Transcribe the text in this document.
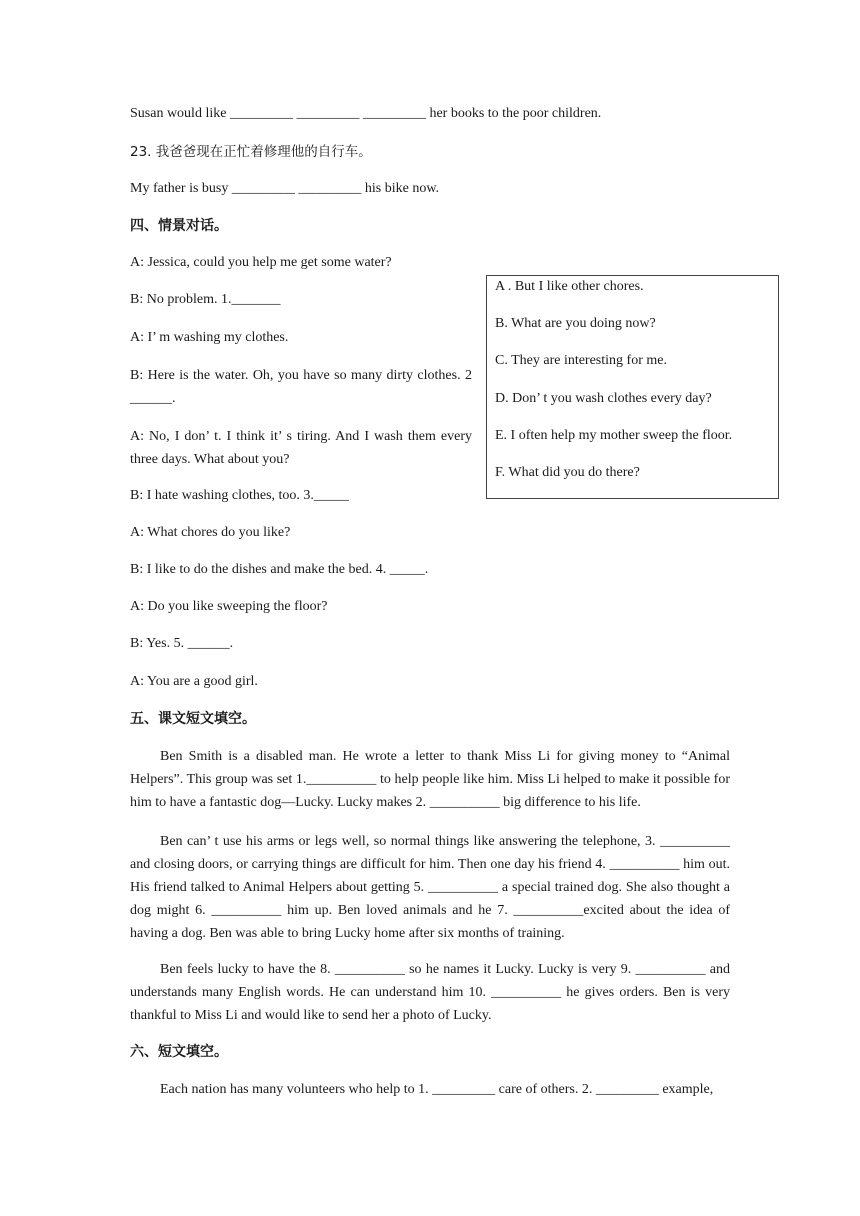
Susan would like _________ _________ _________ her books to the poor children.
23. 我爸爸现在正忙着修理他的自行车。
My father is busy _________ _________ his bike now.
四、情景对话。
A: Jessica, could you help me get some water?
B: No problem. 1._______
A: I’ m washing my clothes.
B: Here is the water. Oh, you have so many dirty clothes. 2 ______.
A: No, I don’ t. I think it’ s tiring. And I wash them every three days. What about you?
B: I hate washing clothes, too. 3._____
A: What chores do you like?
B: I like to do the dishes and make the bed. 4. _____.
A: Do you like sweeping the floor?
B: Yes. 5. ______.
A: You are a good girl.
A . But I like other chores.
B. What are you doing now?
C. They are interesting for me.
D. Don’ t you wash clothes every day?
E. I often help my mother sweep the floor.
F. What did you do there?
五、课文短文填空。
Ben Smith is a disabled man. He wrote a letter to thank Miss Li for giving money to “Animal Helpers”. This group was set 1.__________ to help people like him. Miss Li helped to make it possible for him to have a fantastic dog—Lucky. Lucky makes 2. __________ big difference to his life.
Ben can’ t use his arms or legs well, so normal things like answering the telephone, 3. __________ and closing doors, or carrying things are difficult for him. Then one day his friend 4. __________ him out. His friend talked to Animal Helpers about getting 5. __________ a special trained dog. She also thought a dog might 6. __________ him up. Ben loved animals and he 7. __________excited about the idea of having a dog. Ben was able to bring Lucky home after six months of training.
Ben feels lucky to have the 8. __________ so he names it Lucky. Lucky is very 9. __________ and understands many English words. He can understand him 10. __________ he gives orders. Ben is very thankful to Miss Li and would like to send her a photo of Lucky.
六、短文填空。
Each nation has many volunteers who help to 1. _________ care of others. 2. _________ example,
